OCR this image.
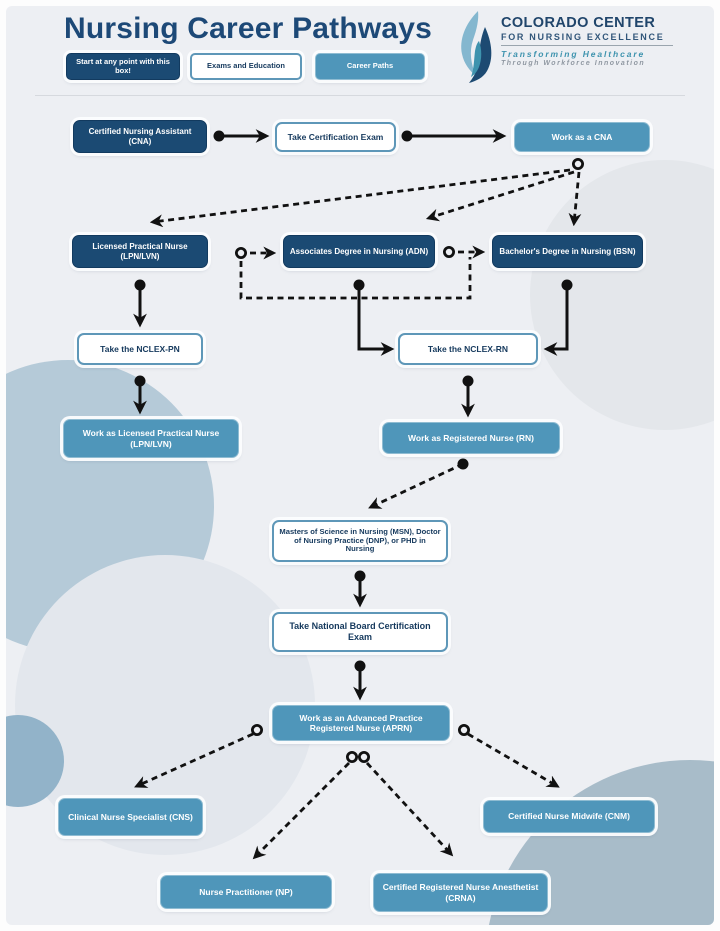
Nursing Career Pathways	COLORADO CENTER
FOR NURSING EXCELLENCE
Transforming Healthcare
Through Workforce Innovation
Start at any point with this box!	Exams and Education	Career Paths
Certified Nursing Assistant (CNA)	Take Certification Exam	Work as a CNA
Licensed Practical Nurse (LPN/LVN)
Associates Degree in Nursing (ADN)	Bachelor's Degree in Nursing (BSN)
Take the NCLEX-PN	Take the NCLEX-RN
Work as Licensed Practical Nurse (LPN/LVN)
Work as Registered Nurse (RN)
Masters of Science in Nursing (MSN), Doctor of Nursing Practice (DNP), or PHD in Nursing
Take National Board Certification Exam
Work as an Advanced Practice Registered Nurse (APRN)
Clinical Nurse Specialist (CNS)	Certified Nurse Midwife (CNM)
Nurse Practitioner (NP)	Certified Registered Nurse Anesthetist (CRNA)
